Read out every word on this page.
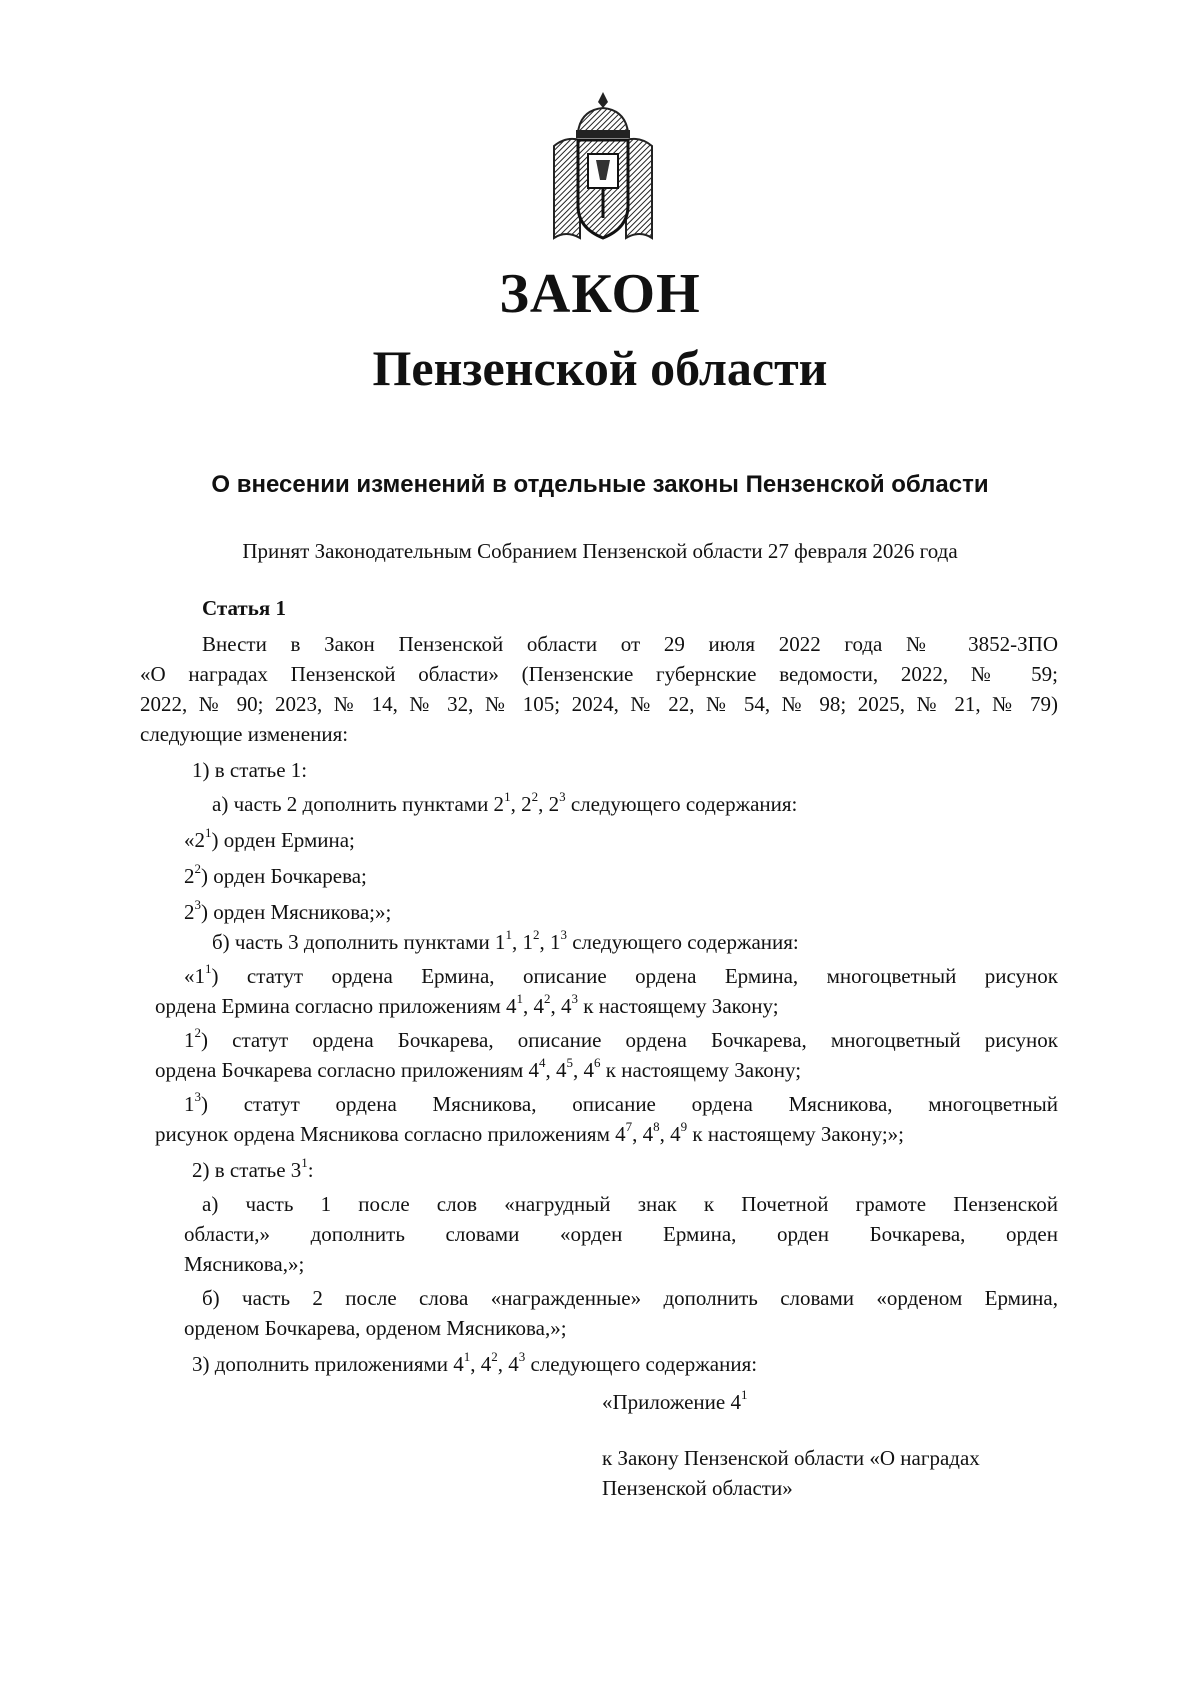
ЗАКОН
Пензенской области
О внесении изменений в отдельные законы Пензенской области
Принят Законодательным Собранием Пензенской области 27 февраля 2026 года

Статья 1

Внести в Закон Пензенской области от 29 июля 2022 года № 3852-ЗПО

«О наградах Пензенской области» (Пензенские губернские ведомости, 2022, № 59;

2022, № 90; 2023, № 14, № 32, № 105; 2024, № 22, № 54, № 98; 2025, № 21, № 79)

следующие изменения:

1) в статье 1:

а) часть 2 дополнить пунктами $2^1$, $2^2$, $2^3$ следующего содержания:

«$2^1$) орден Ермина;

$2^2$) орден Бочкарева;

$2^3$) орден Мясникова;»;

б) часть 3 дополнить пунктами $1^1$, $1^2$, $1^3$ следующего содержания:

«$1^1$) статут ордена Ермина, описание ордена Ермина, многоцветный рисунок

ордена Ермина согласно приложениям $4^1$, $4^2$, $4^3$ к настоящему Закону;

$1^2$) статут ордена Бочкарева, описание ордена Бочкарева, многоцветный рисунок

ордена Бочкарева согласно приложениям $4^4$, $4^5$, $4^6$ к настоящему Закону;

$1^3$) статут ордена Мясникова, описание ордена Мясникова, многоцветный

рисунок ордена Мясникова согласно приложениям $4^7$, $4^8$, $4^9$ к настоящему Закону;»;

2) в статье $3^1$:

а) часть 1 после слов «нагрудный знак к Почетной грамоте Пензенской

области,» дополнить словами «орден Ермина, орден Бочкарева, орден

Мясникова,»;

б) часть 2 после слова «награжденные» дополнить словами «орденом Ермина,

орденом Бочкарева, орденом Мясникова,»;

3) дополнить приложениями $4^1$, $4^2$, $4^3$ следующего содержания:

«Приложение $4^1$

к Закону Пензенской области «О наградах

Пензенской области»
